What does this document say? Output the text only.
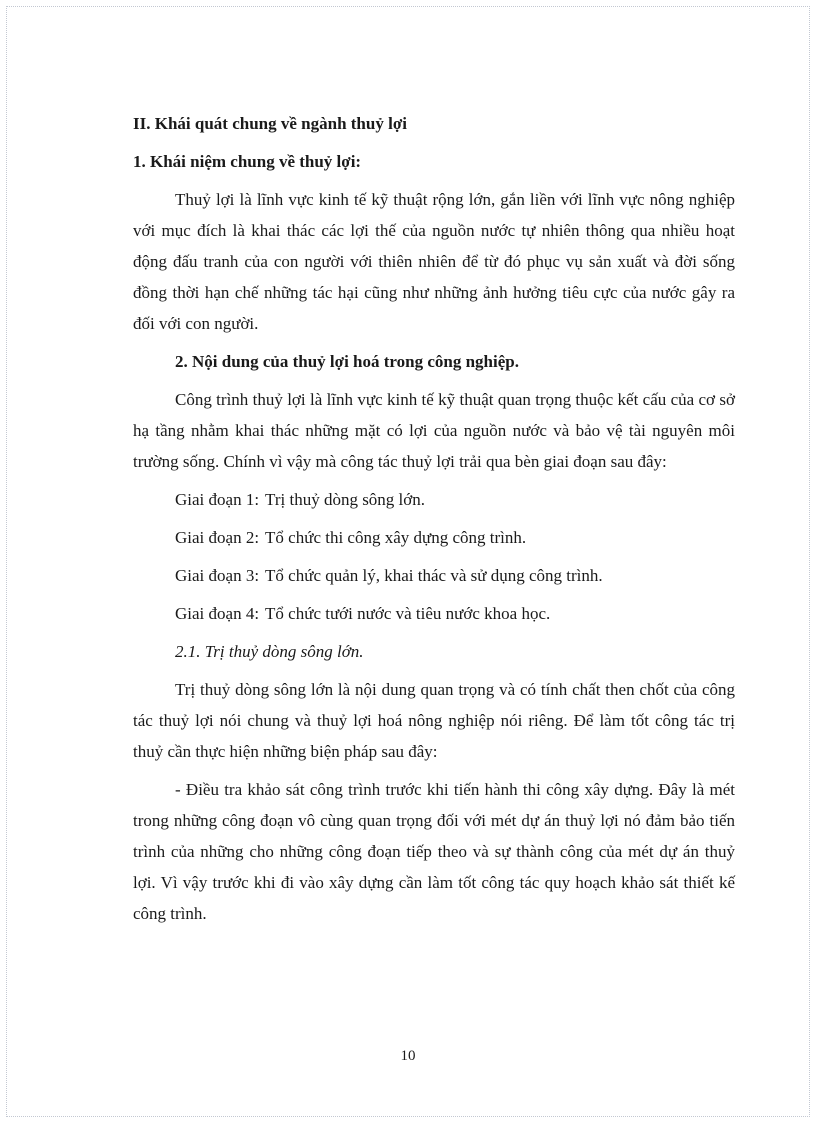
II. Khái quát chung về ngành thuỷ lợi

1. Khái niệm chung về thuỷ lợi:

Thuỷ lợi là lĩnh vực kinh tế kỹ thuật rộng lớn, gắn liền với lĩnh vực nông nghiệp với mục đích là khai thác các lợi thế của nguồn nước tự nhiên thông qua nhiều hoạt động đấu tranh của con người với thiên nhiên để từ đó phục vụ sản xuất và đời sống đồng thời hạn chế những tác hại cũng như những ảnh hưởng tiêu cực của nước gây ra đối với con người.

2. Nội dung của thuỷ lợi hoá trong công nghiệp.

Công trình thuỷ lợi là lĩnh vực kinh tế kỹ thuật quan trọng thuộc kết cấu của cơ sở hạ tầng nhằm khai thác những mặt có lợi của nguồn nước và bảo vệ tài nguyên môi trường sống. Chính vì vậy mà công tác thuỷ lợi trải qua bèn giai đoạn sau đây:

Giai đoạn 1: Trị thuỷ dòng sông lớn.

Giai đoạn 2: Tổ chức thi công xây dựng công trình.

Giai đoạn 3: Tổ chức quản lý, khai thác và sử dụng công trình.

Giai đoạn 4: Tổ chức tưới nước và tiêu nước khoa học.

2.1. Trị thuỷ dòng sông lớn.

Trị thuỷ dòng sông lớn là nội dung quan trọng và có tính chất then chốt của công tác thuỷ lợi nói chung và thuỷ lợi hoá nông nghiệp nói riêng. Để làm tốt công tác trị thuỷ cần thực hiện những biện pháp sau đây:

- Điều tra khảo sát công trình trước khi tiến hành thi công xây dựng. Đây là mét trong những công đoạn vô cùng quan trọng đối với mét dự án thuỷ lợi nó đảm bảo tiến trình của những cho những công đoạn tiếp theo và sự thành công của mét dự án thuỷ lợi. Vì vậy trước khi đi vào xây dựng cần làm tốt công tác quy hoạch khảo sát thiết kế công trình.

10
